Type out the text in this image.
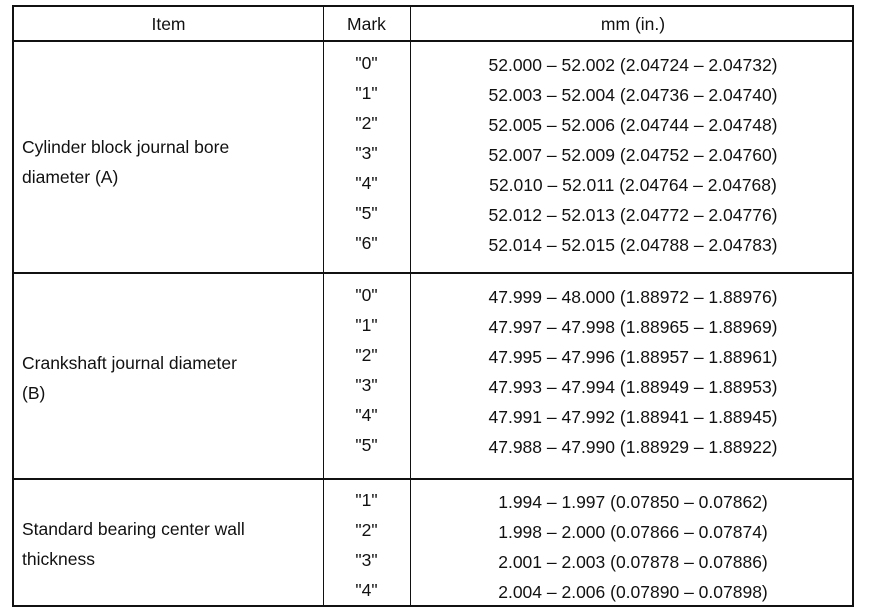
Item	Mark	mm (in.)
Cylinder block journal bore
diameter (A)
"0"	52.000 – 52.002 (2.04724 – 2.04732)
"1"	52.003 – 52.004 (2.04736 – 2.04740)
"2"	52.005 – 52.006 (2.04744 – 2.04748)
"3"	52.007 – 52.009 (2.04752 – 2.04760)
"4"	52.010 – 52.011 (2.04764 – 2.04768)
"5"	52.012 – 52.013 (2.04772 – 2.04776)
"6"	52.014 – 52.015 (2.04788 – 2.04783)
Crankshaft journal diameter
(B)
"0"	47.999 – 48.000 (1.88972 – 1.88976)
"1"	47.997 – 47.998 (1.88965 – 1.88969)
"2"	47.995 – 47.996 (1.88957 – 1.88961)
"3"	47.993 – 47.994 (1.88949 – 1.88953)
"4"	47.991 – 47.992 (1.88941 – 1.88945)
"5"	47.988 – 47.990 (1.88929 – 1.88922)
Standard bearing center wall
thickness
"1"	1.994 – 1.997 (0.07850 – 0.07862)
"2"	1.998 – 2.000 (0.07866 – 0.07874)
"3"	2.001 – 2.003 (0.07878 – 0.07886)
"4"	2.004 – 2.006 (0.07890 – 0.07898)
